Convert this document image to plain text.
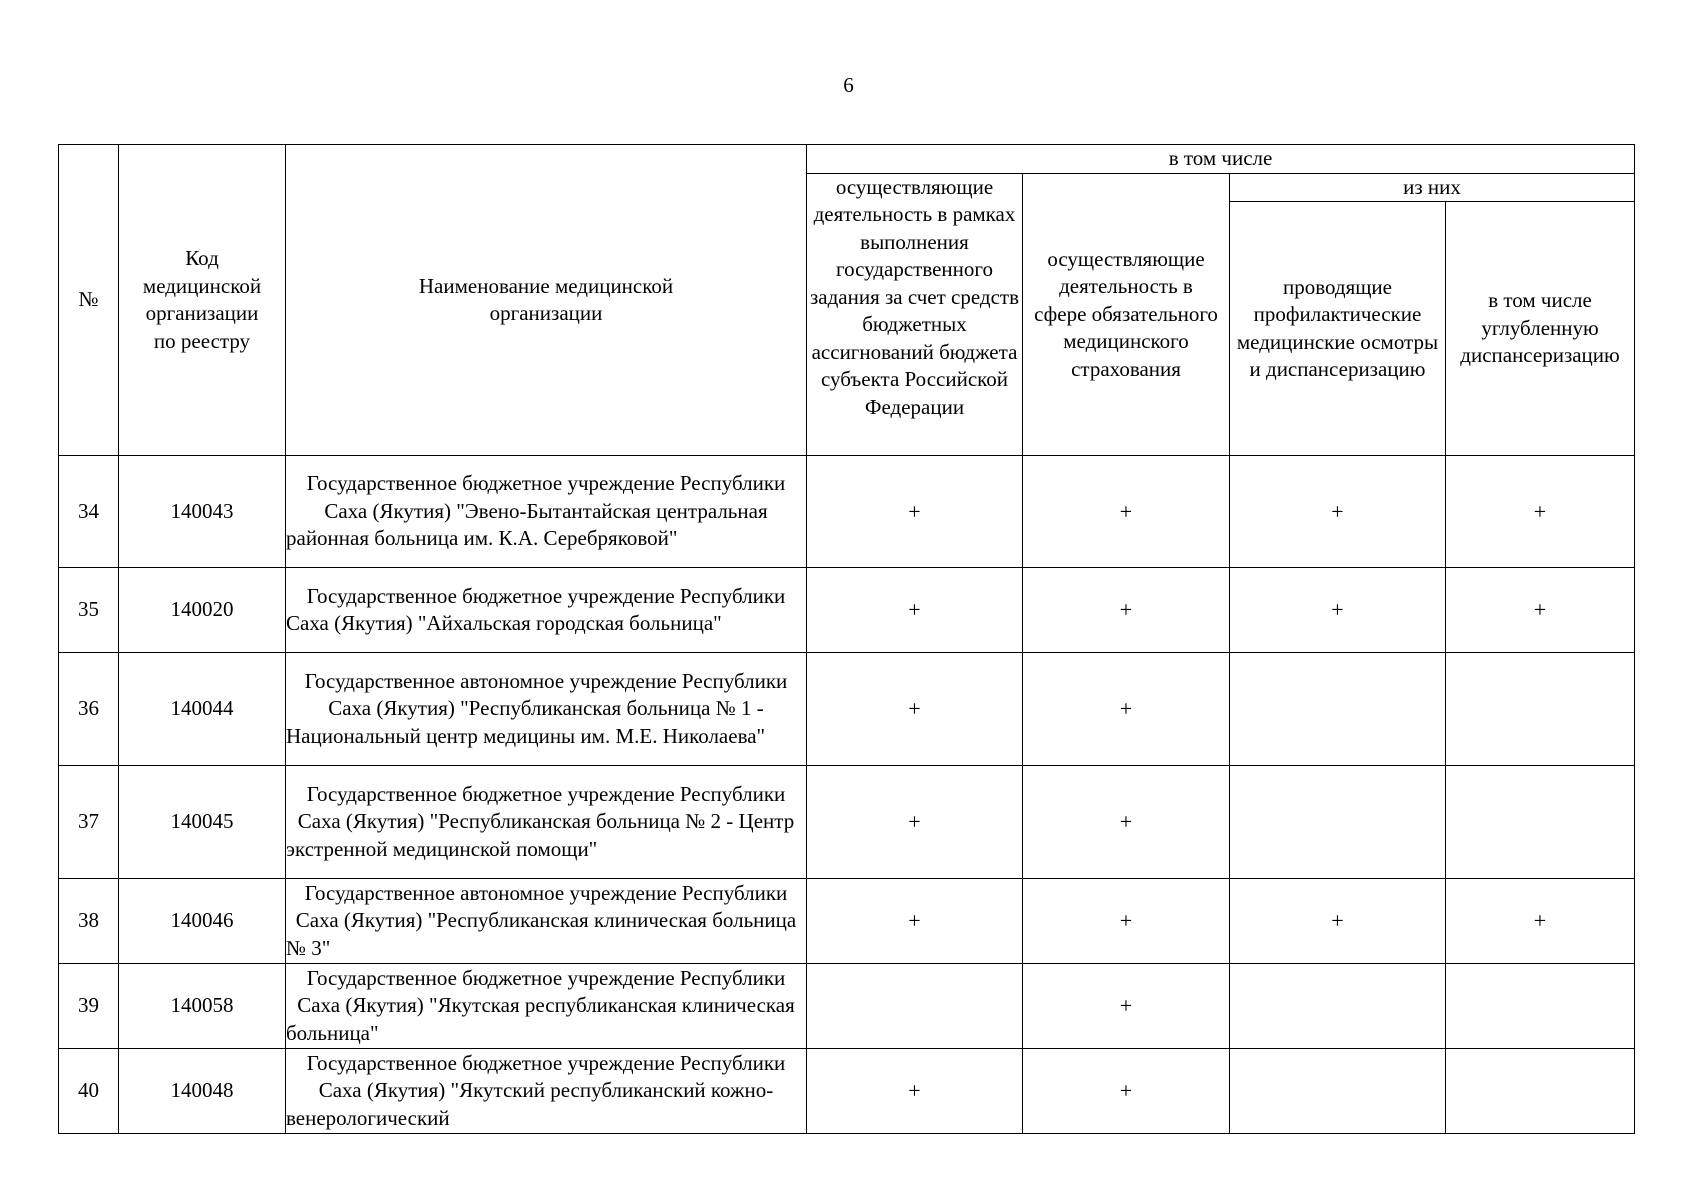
6
№	Код медицинской организации по реестру	Наименование медицинской организации	в том числе			

			осуществляющие деятельность в рамках выполнения государственного задания за счет средств бюджетных ассигнований бюджета субъекта Российской Федерации	осуществляющие деятельность в сфере обязательного медицинского страхования	из них	

					проводящие профилактические медицинские осмотры и диспансеризацию	в том числе углубленную диспансеризацию

34	140043	Государственное бюджетное учреждение Республики Саха (Якутия) "Эвено-Бытантайская центральная районная больница им. К.А. Серебряковой"	+	+	+	+
35	140020	Государственное бюджетное учреждение Республики Саха (Якутия) "Айхальская городская больница"	+	+	+	+
36	140044	Государственное автономное учреждение Республики Саха (Якутия) "Республиканская больница № 1 - Национальный центр медицины им. М.Е. Николаева"	+	+		
37	140045	Государственное бюджетное учреждение Республики Саха (Якутия) "Республиканская больница № 2 - Центр экстренной медицинской помощи"	+	+		
38	140046	Государственное автономное учреждение Республики Саха (Якутия) "Республиканская клиническая больница № 3"	+	+	+	+
39	140058	Государственное бюджетное учреждение Республики Саха (Якутия) "Якутская республиканская клиническая больница"		+		
40	140048	Государственное бюджетное учреждение Республики Саха (Якутия) "Якутский республиканский кожно-венерологический	+	+		
